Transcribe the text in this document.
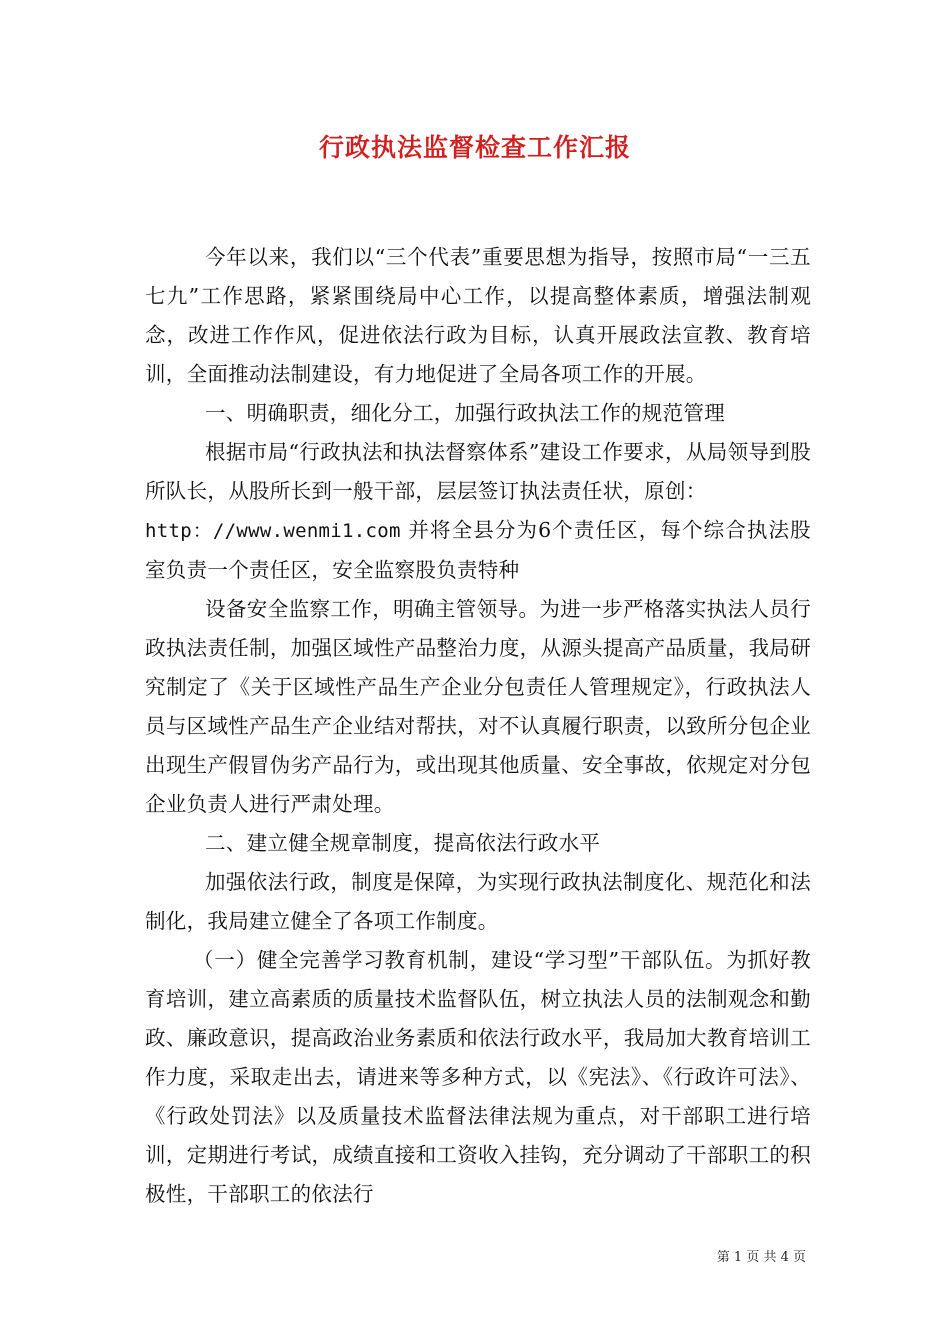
行政执法监督检查工作汇报

今年以来，我们以“三个代表”重要思想为指导，按照市局“一三五七九”工作思路，紧紧围绕局中心工作，以提高整体素质，增强法制观念，改进工作作风，促进依法行政为目标，认真开展政法宣教、教育培训，全面推动法制建设，有力地促进了全局各项工作的开展。

一、明确职责，细化分工，加强行政执法工作的规范管理

根据市局“行政执法和执法督察体系”建设工作要求，从局领导到股所队长，从股所长到一般干部，层层签订执法责任状，原创：
http：//www.wenmi1.com 并将全县分为6个责任区，每个综合执法股室负责一个责任区，安全监察股负责特种

设备安全监察工作，明确主管领导。为进一步严格落实执法人员行政执法责任制，加强区域性产品整治力度，从源头提高产品质量，我局研究制定了《关于区域性产品生产企业分包责任人管理规定》，行政执法人员与区域性产品生产企业结对帮扶，对不认真履行职责，以致所分包企业出现生产假冒伪劣产品行为，或出现其他质量、安全事故，依规定对分包企业负责人进行严肃处理。

二、建立健全规章制度，提高依法行政水平

加强依法行政，制度是保障，为实现行政执法制度化、规范化和法制化，我局建立健全了各项工作制度。

（一）健全完善学习教育机制，建设“学习型”干部队伍。为抓好教育培训，建立高素质的质量技术监督队伍，树立执法人员的法制观念和勤政、廉政意识，提高政治业务素质和依法行政水平，我局加大教育培训工作力度，采取走出去，请进来等多种方式，以《宪法》、《行政许可法》、《行政处罚法》以及质量技术监督法律法规为重点，对干部职工进行培训，定期进行考试，成绩直接和工资收入挂钩，充分调动了干部职工的积极性，干部职工的依法行

第 1 页 共 4 页
